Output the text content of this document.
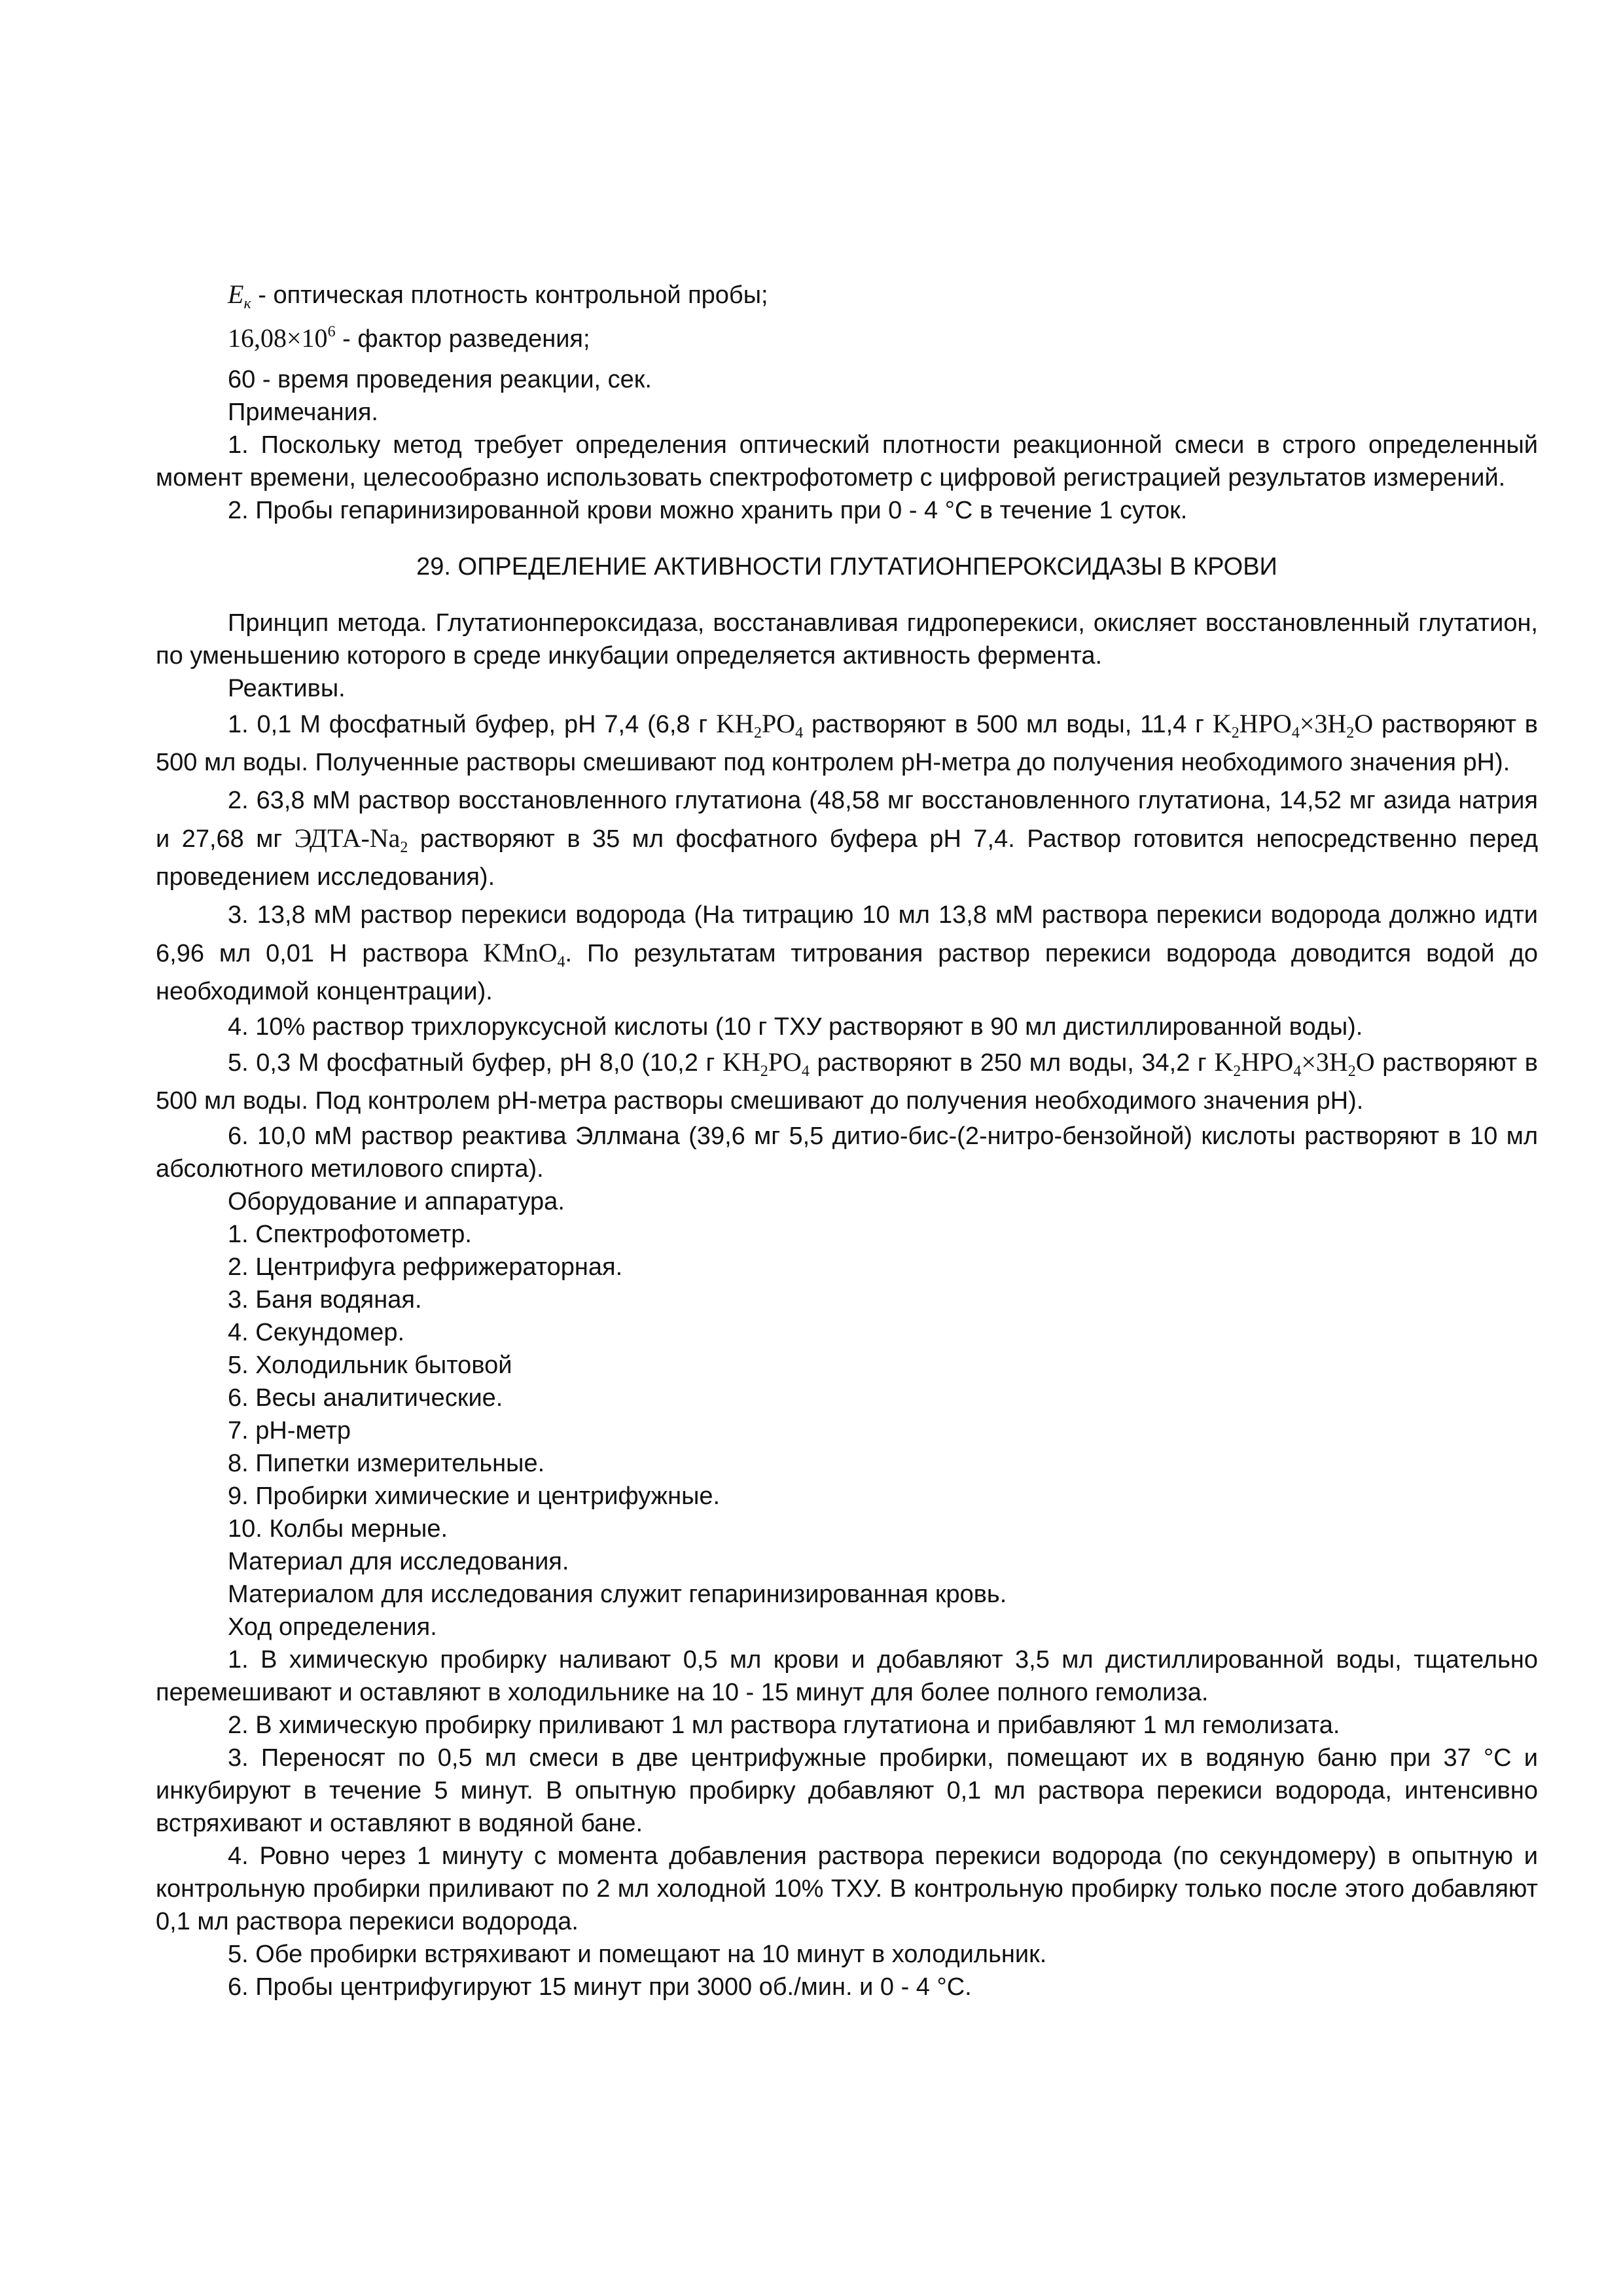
$E_к$ - оптическая плотность контрольной пробы;

$16,08\times 10^6$ - фактор разведения;

60 - время проведения реакции, сек.

Примечания.

1. Поскольку метод требует определения оптический плотности реакционной смеси в строго определенный момент времени, целесообразно использовать спектрофотометр с цифровой регистрацией результатов измерений.

2. Пробы гепаринизированной крови можно хранить при 0 - 4 °С в течение 1 суток.

29. ОПРЕДЕЛЕНИЕ АКТИВНОСТИ ГЛУТАТИОНПЕРОКСИДАЗЫ В КРОВИ

Принцип метода. Глутатионпероксидаза, восстанавливая гидроперекиси, окисляет восстановленный глутатион, по уменьшению которого в среде инкубации определяется активность фермента.

Реактивы.

1. 0,1 М фосфатный буфер, рН 7,4 (6,8 г $KH_2PO_4$ растворяют в 500 мл воды, 11,4 г $K_2HPO_4\times 3H_2O$ растворяют в 500 мл воды. Полученные растворы смешивают под контролем рН-метра до получения необходимого значения рН).

2. 63,8 мМ раствор восстановленного глутатиона (48,58 мг восстановленного глутатиона, 14,52 мг азида натрия и 27,68 мг ЭДТА-$Na_2$ растворяют в 35 мл фосфатного буфера рН 7,4. Раствор готовится непосредственно перед проведением исследования).

3. 13,8 мМ раствор перекиси водорода (На титрацию 10 мл 13,8 мМ раствора перекиси водорода должно идти 6,96 мл 0,01 Н раствора KMnO$_4$. По результатам титрования раствор перекиси водорода доводится водой до необходимой концентрации).

4. 10% раствор трихлоруксусной кислоты (10 г ТХУ растворяют в 90 мл дистиллированной воды).

5. 0,3 М фосфатный буфер, рН 8,0 (10,2 г $KH_2PO_4$ растворяют в 250 мл воды, 34,2 г $K_2HPO_4\times 3H_2O$ растворяют в 500 мл воды. Под контролем рН-метра растворы смешивают до получения необходимого значения рН).

6. 10,0 мМ раствор реактива Эллмана (39,6 мг 5,5 дитио-бис-(2-нитро-бензойной) кислоты растворяют в 10 мл абсолютного метилового спирта).

Оборудование и аппаратура.

1. Спектрофотометр.

2. Центрифуга рефрижераторная.

3. Баня водяная.

4. Секундомер.

5. Холодильник бытовой

6. Весы аналитические.

7. рН-метр

8. Пипетки измерительные.

9. Пробирки химические и центрифужные.

10. Колбы мерные.

Материал для исследования.

Материалом для исследования служит гепаринизированная кровь.

Ход определения.

1. В химическую пробирку наливают 0,5 мл крови и добавляют 3,5 мл дистиллированной воды, тщательно перемешивают и оставляют в холодильнике на 10 - 15 минут для более полного гемолиза.

2. В химическую пробирку приливают 1 мл раствора глутатиона и прибавляют 1 мл гемолизата.

3. Переносят по 0,5 мл смеси в две центрифужные пробирки, помещают их в водяную баню при 37 °С и инкубируют в течение 5 минут. В опытную пробирку добавляют 0,1 мл раствора перекиси водорода, интенсивно встряхивают и оставляют в водяной бане.

4. Ровно через 1 минуту с момента добавления раствора перекиси водорода (по секундомеру) в опытную и контрольную пробирки приливают по 2 мл холодной 10% ТХУ. В контрольную пробирку только после этого добавляют 0,1 мл раствора перекиси водорода.

5. Обе пробирки встряхивают и помещают на 10 минут в холодильник.

6. Пробы центрифугируют 15 минут при 3000 об./мин. и 0 - 4 °С.
